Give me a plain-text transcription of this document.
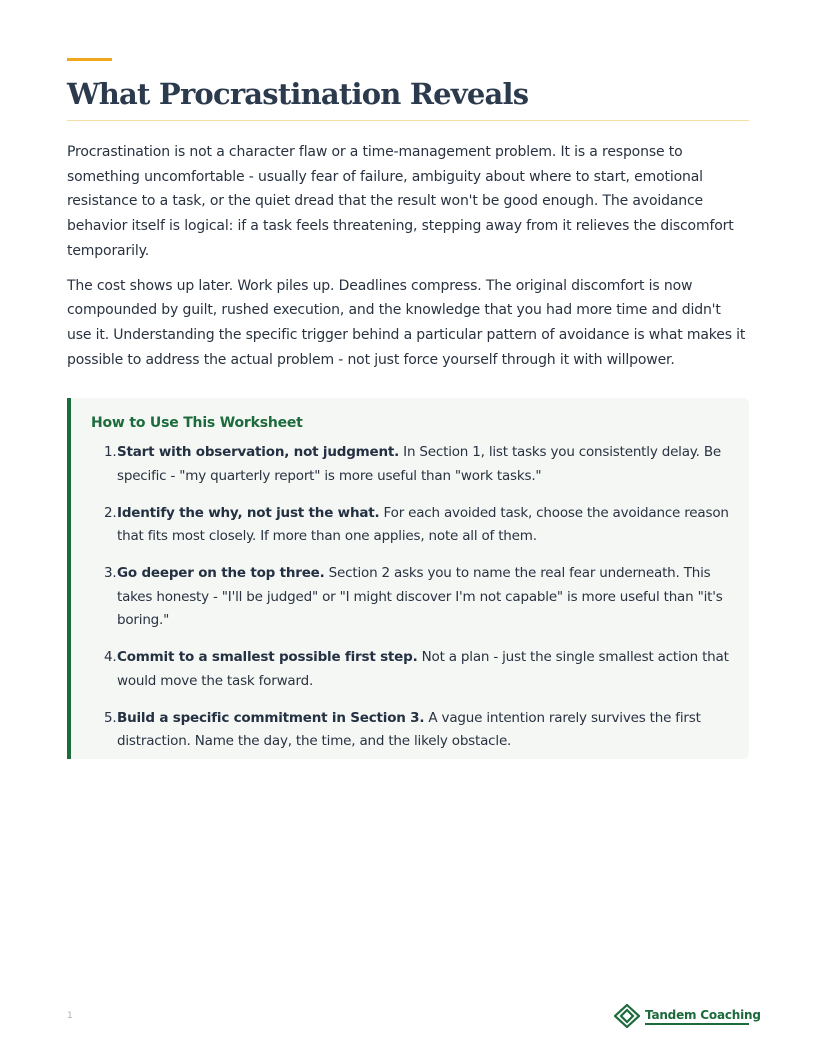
What Procrastination Reveals

Procrastination is not a character flaw or a time-management problem. It is a response to something uncomfortable - usually fear of failure, ambiguity about where to start, emotional resistance to a task, or the quiet dread that the result won't be good enough. The avoidance behavior itself is logical: if a task feels threatening, stepping away from it relieves the discomfort temporarily.

The cost shows up later. Work piles up. Deadlines compress. The original discomfort is now compounded by guilt, rushed execution, and the knowledge that you had more time and didn't use it. Understanding the specific trigger behind a particular pattern of avoidance is what makes it possible to address the actual problem - not just force yourself through it with willpower.

How to Use This Worksheet
1. Start with observation, not judgment. In Section 1, list tasks you consistently delay. Be specific - "my quarterly report" is more useful than "work tasks."
2. Identify the why, not just the what. For each avoided task, choose the avoidance reason that fits most closely. If more than one applies, note all of them.
3. Go deeper on the top three. Section 2 asks you to name the real fear underneath. This takes honesty - "I'll be judged" or "I might discover I'm not capable" is more useful than "it's boring."
4. Commit to a smallest possible first step. Not a plan - just the single smallest action that would move the task forward.
5. Build a specific commitment in Section 3. A vague intention rarely survives the first distraction. Name the day, the time, and the likely obstacle.
1	Tandem Coaching
